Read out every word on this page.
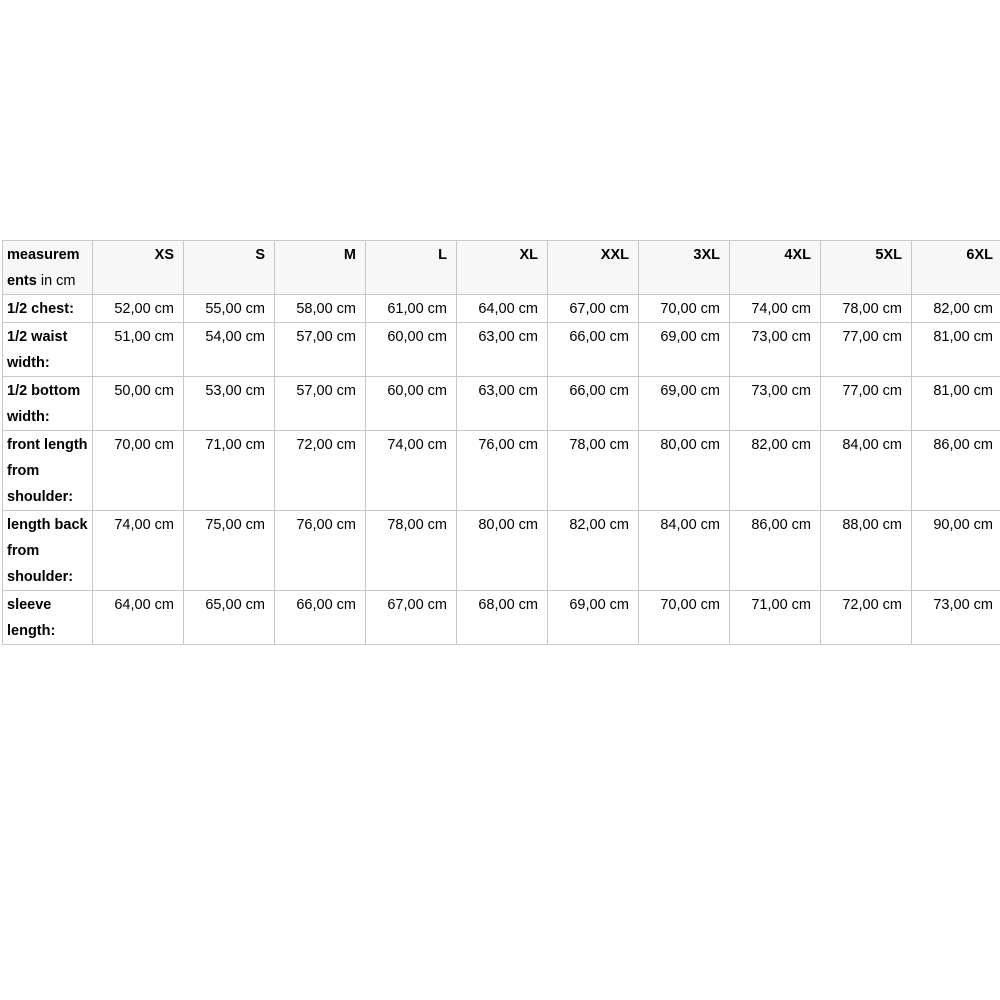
measurements in cm	XS	S	M	L	XL	XXL	3XL	4XL	5XL	6XL
1/2 chest:	52,00 cm	55,00 cm	58,00 cm	61,00 cm	64,00 cm	67,00 cm	70,00 cm	74,00 cm	78,00 cm	82,00 cm
1/2 waist width:	51,00 cm	54,00 cm	57,00 cm	60,00 cm	63,00 cm	66,00 cm	69,00 cm	73,00 cm	77,00 cm	81,00 cm
1/2 bottom width:	50,00 cm	53,00 cm	57,00 cm	60,00 cm	63,00 cm	66,00 cm	69,00 cm	73,00 cm	77,00 cm	81,00 cm
front length from shoulder:	70,00 cm	71,00 cm	72,00 cm	74,00 cm	76,00 cm	78,00 cm	80,00 cm	82,00 cm	84,00 cm	86,00 cm
length back from shoulder:	74,00 cm	75,00 cm	76,00 cm	78,00 cm	80,00 cm	82,00 cm	84,00 cm	86,00 cm	88,00 cm	90,00 cm
sleeve length:	64,00 cm	65,00 cm	66,00 cm	67,00 cm	68,00 cm	69,00 cm	70,00 cm	71,00 cm	72,00 cm	73,00 cm
